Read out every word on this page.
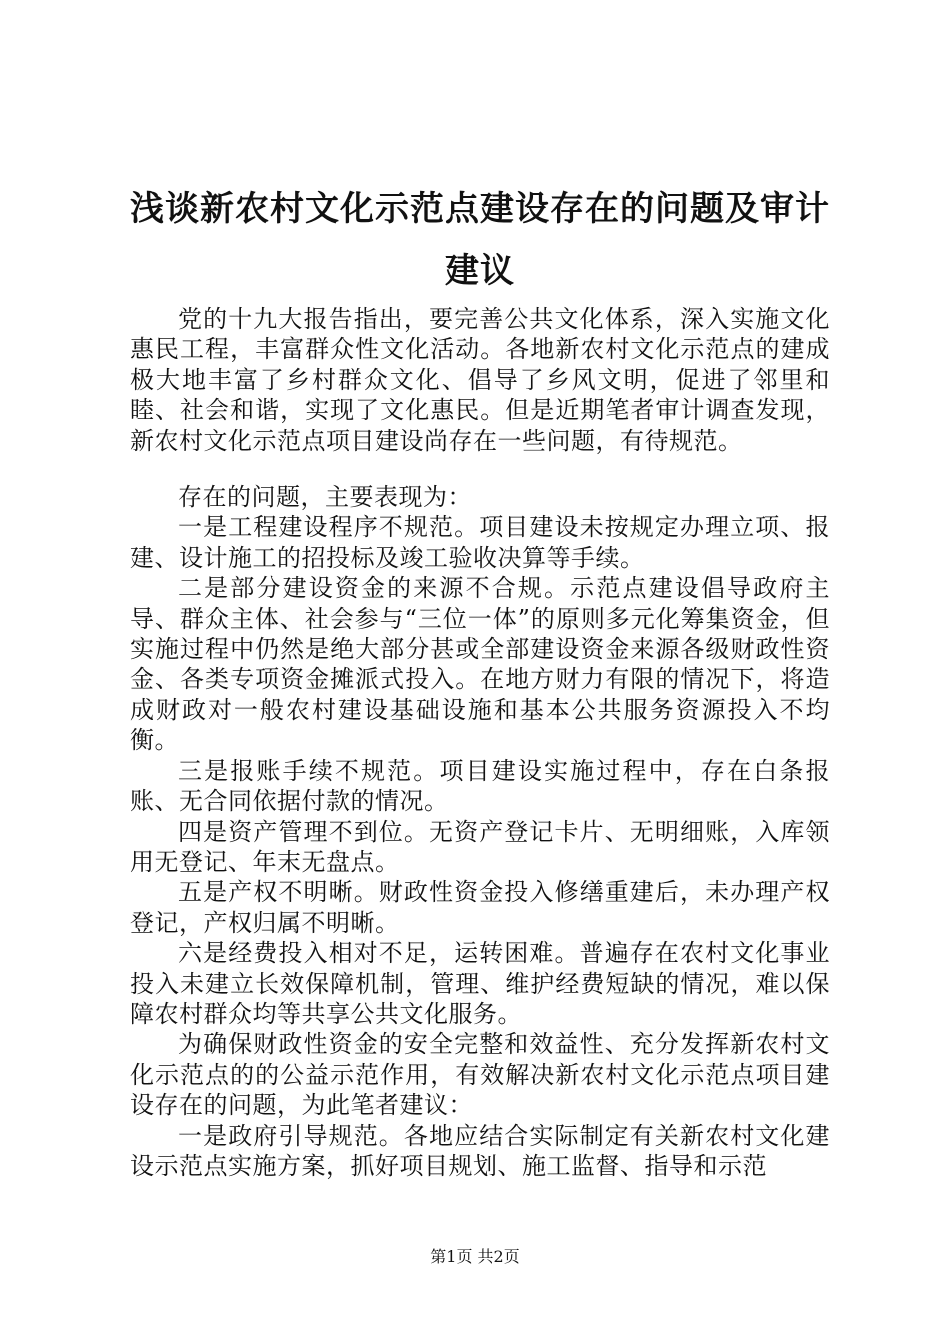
浅谈新农村文化示范点建设存在的问题及审计建议

党的十九大报告指出，要完善公共文化体系，深入实施文化惠民工程，丰富群众性文化活动。各地新农村文化示范点的建成极大地丰富了乡村群众文化、倡导了乡风文明，促进了邻里和睦、社会和谐，实现了文化惠民。但是近期笔者审计调查发现，新农村文化示范点项目建设尚存在一些问题，有待规范。

存在的问题，主要表现为：

一是工程建设程序不规范。项目建设未按规定办理立项、报建、设计施工的招投标及竣工验收决算等手续。

二是部分建设资金的来源不合规。示范点建设倡导政府主导、群众主体、社会参与“三位一体”的原则多元化筹集资金，但实施过程中仍然是绝大部分甚或全部建设资金来源各级财政性资金、各类专项资金摊派式投入。在地方财力有限的情况下，将造成财政对一般农村建设基础设施和基本公共服务资源投入不均衡。

三是报账手续不规范。项目建设实施过程中，存在白条报账、无合同依据付款的情况。

四是资产管理不到位。无资产登记卡片、无明细账，入库领用无登记、年末无盘点。

五是产权不明晰。财政性资金投入修缮重建后，未办理产权登记，产权归属不明晰。

六是经费投入相对不足，运转困难。普遍存在农村文化事业投入未建立长效保障机制，管理、维护经费短缺的情况，难以保障农村群众均等共享公共文化服务。

为确保财政性资金的安全完整和效益性、充分发挥新农村文化示范点的的公益示范作用，有效解决新农村文化示范点项目建设存在的问题，为此笔者建议：

一是政府引导规范。各地应结合实际制定有关新农村文化建设示范点实施方案，抓好项目规划、施工监督、指导和示范

第1页 共2页
